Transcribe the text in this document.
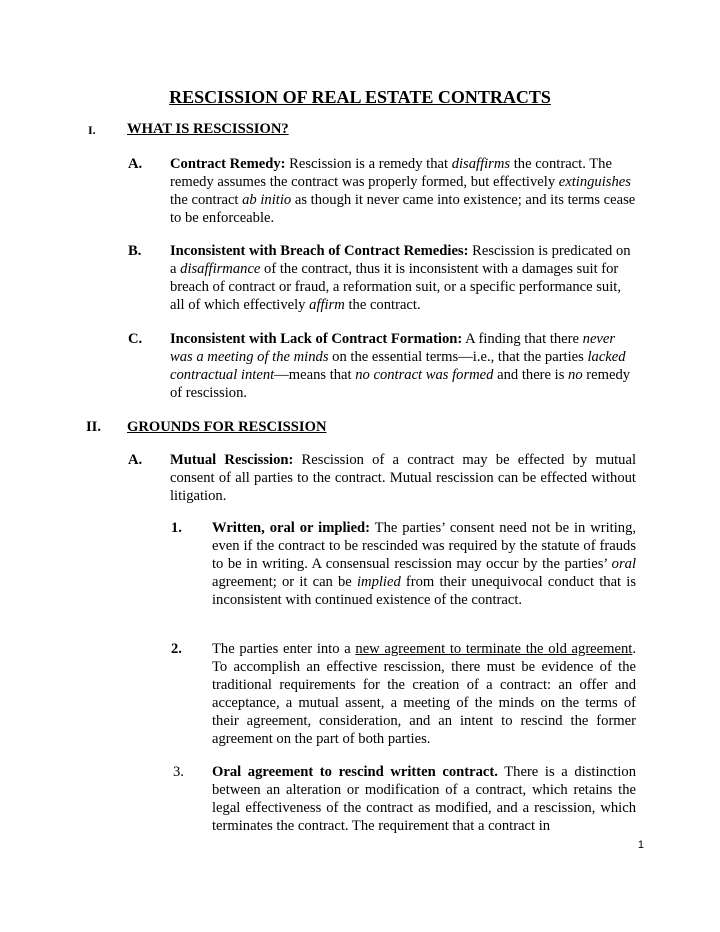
RESCISSION OF REAL ESTATE CONTRACTS
I. WHAT IS RESCISSION?
A. Contract Remedy: Rescission is a remedy that disaffirms the contract. The remedy assumes the contract was properly formed, but effectively extinguishes the contract ab initio as though it never came into existence; and its terms cease to be enforceable.
B. Inconsistent with Breach of Contract Remedies: Rescission is predicated on a disaffirmance of the contract, thus it is inconsistent with a damages suit for breach of contract or fraud, a reformation suit, or a specific performance suit, all of which effectively affirm the contract.
C. Inconsistent with Lack of Contract Formation: A finding that there never was a meeting of the minds on the essential terms—i.e., that the parties lacked contractual intent—means that no contract was formed and there is no remedy of rescission.
II. GROUNDS FOR RESCISSION
A. Mutual Rescission: Rescission of a contract may be effected by mutual consent of all parties to the contract. Mutual rescission can be effected without litigation.
1. Written, oral or implied: The parties’ consent need not be in writing, even if the contract to be rescinded was required by the statute of frauds to be in writing. A consensual rescission may occur by the parties’ oral agreement; or it can be implied from their unequivocal conduct that is inconsistent with continued existence of the contract.
2. The parties enter into a new agreement to terminate the old agreement. To accomplish an effective rescission, there must be evidence of the traditional requirements for the creation of a contract: an offer and acceptance, a mutual assent, a meeting of the minds on the terms of their agreement, consideration, and an intent to rescind the former agreement on the part of both parties.
3. Oral agreement to rescind written contract. There is a distinction between an alteration or modification of a contract, which retains the legal effectiveness of the contract as modified, and a rescission, which terminates the contract. The requirement that a contract in
1
